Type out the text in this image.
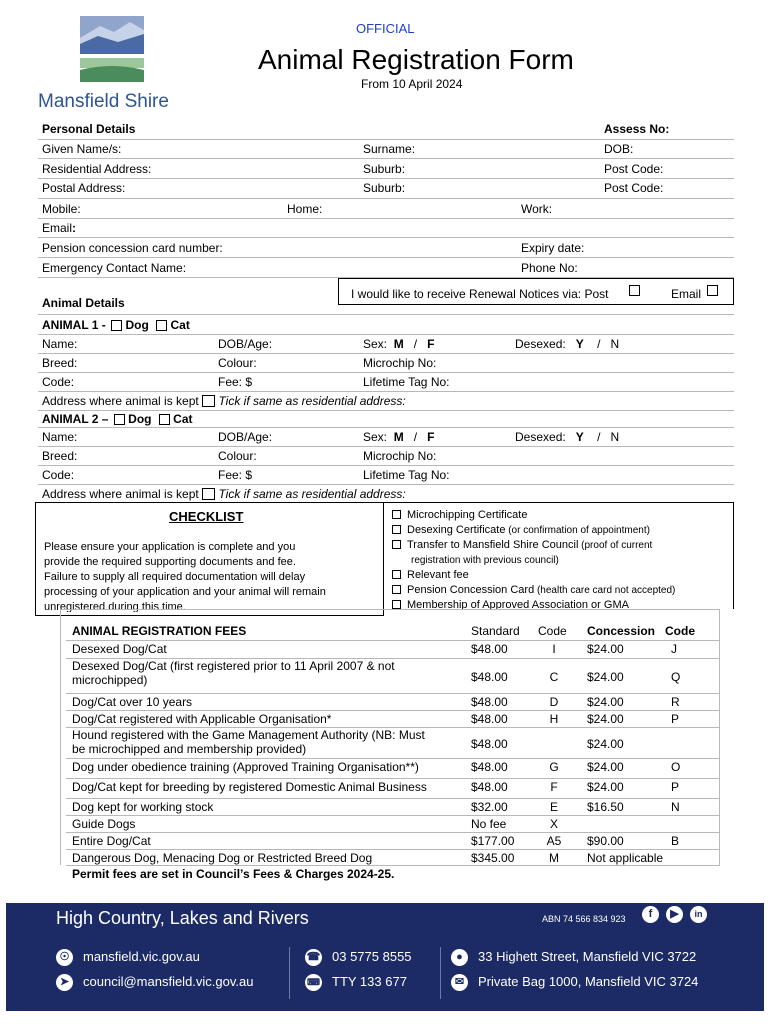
Mansfield Shire
OFFICIAL
Animal Registration Form
From 10 April 2024
Personal Details	Assess No:
Given Name/s:	Surname:	DOB:
Residential Address:	Suburb:	Post Code:
Postal Address:	Suburb:	Post Code:
Mobile:	Home:	Work:
Email:
Pension concession card number:	Expiry date:
Emergency Contact Name:	Phone No:
I would like to receive Renewal Notices via: Post	Email
Animal Details
ANIMAL 1 - Dog Cat
Name:	DOB/Age:	Sex: M / F	Desexed: Y / N
Breed:	Colour:	Microchip No:
Code:	Fee: $	Lifetime Tag No:
Address where animal is kept Tick if same as residential address:
ANIMAL 2 – Dog Cat
Name:	DOB/Age:	Sex: M / F	Desexed: Y / N
Breed:	Colour:	Microchip No:
Code:	Fee: $	Lifetime Tag No:
Address where animal is kept Tick if same as residential address:
CHECKLIST
Please ensure your application is complete and you
provide the required supporting documents and fee.
Failure to supply all required documentation will delay
processing of your application and your animal will remain
unregistered during this time.
Microchipping Certificate
Desexing Certificate (or confirmation of appointment)
Transfer to Mansfield Shire Council (proof of current
registration with previous council)
Relevant fee
Pension Concession Card (health care card not accepted)
Membership of Approved Association or GMA
ANIMAL REGISTRATION FEES	Standard Code Concession Code
Desexed Dog/Cat	$48.00	I	$24.00	J
Desexed Dog/Cat (first registered prior to 11 April 2007 & not
microchipped)	$48.00	C	$24.00	Q
Dog/Cat over 10 years	$48.00	D	$24.00	R
Dog/Cat registered with Applicable Organisation*	$48.00	H	$24.00	P
Hound registered with the Game Management Authority (NB: Must
be microchipped and membership provided)	$48.00	$24.00
Dog under obedience training (Approved Training Organisation**)	$48.00	G	$24.00	O
Dog/Cat kept for breeding by registered Domestic Animal Business	$48.00	F	$24.00	P
Dog kept for working stock	$32.00	E	$16.50	N
Guide Dogs	No fee	X
Entire Dog/Cat	$177.00	A5	$90.00	B
Dangerous Dog, Menacing Dog or Restricted Breed Dog	$345.00	M	Not applicable
Permit fees are set in Council’s Fees & Charges 2024-25.
High Country, Lakes and Rivers	ABN 74 566 834 923	f	▶	in
☉ mansfield.vic.gov.au
➤ council@mansfield.vic.gov.au
☎ 03 5775 8555
⌨ TTY 133 677
●	33 Highett Street, Mansfield VIC 3722
✉ Private Bag 1000, Mansfield VIC 3724
